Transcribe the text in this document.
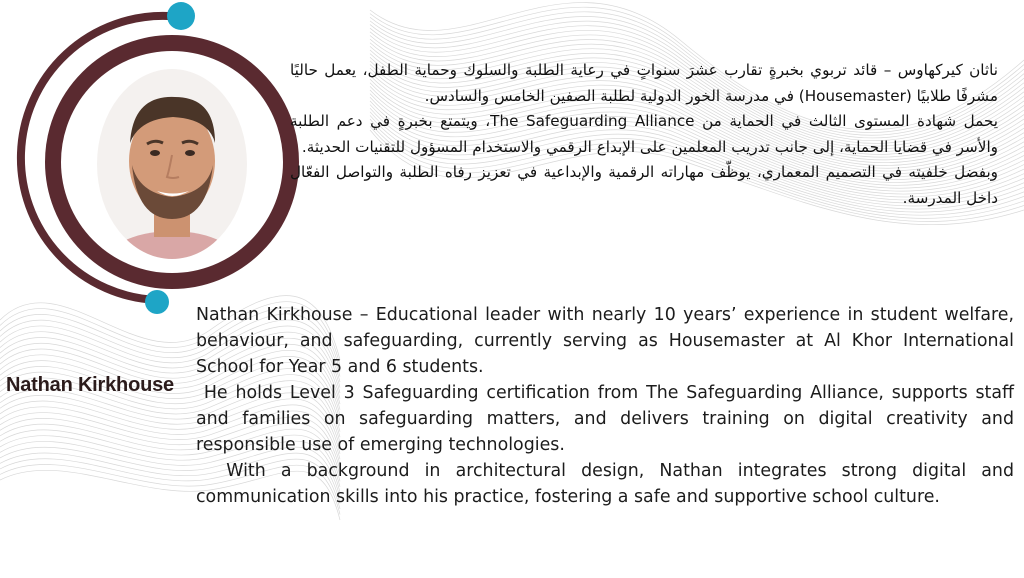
Nathan Kirkhouse

ناثان كيركهاوس – قائد تربوي بخبرةٍ تقارب عشرَ سنواتٍ في رعاية الطلبة والسلوك وحماية الطفل، يعمل حاليًا مشرفًا طلابيًا (Housemaster) في مدرسة الخور الدولية لطلبة الصفين الخامس والسادس.

يحمل شهادة المستوى الثالث في الحماية من The Safeguarding Alliance، ويتمتع بخبرةٍ في دعم الطلبة والأسر في قضايا الحماية، إلى جانب تدريب المعلمين على الإبداع الرقمي والاستخدام المسؤول للتقنيات الحديثة.

وبفضل خلفيته في التصميم المعماري، يوظّف مهاراته الرقمية والإبداعية في تعزيز رفاه الطلبة والتواصل الفعّال داخل المدرسة.

Nathan Kirkhouse – Educational leader with nearly 10 years’ experience in student welfare, behaviour, and safeguarding, currently serving as Housemaster at Al Khor International School for Year 5 and 6 students.

He holds Level 3 Safeguarding certification from The Safeguarding Alliance, supports staff and families on safeguarding matters, and delivers training on digital creativity and responsible use of emerging technologies.

With a background in architectural design, Nathan integrates strong digital and communication skills into his practice, fostering a safe and supportive school culture.
